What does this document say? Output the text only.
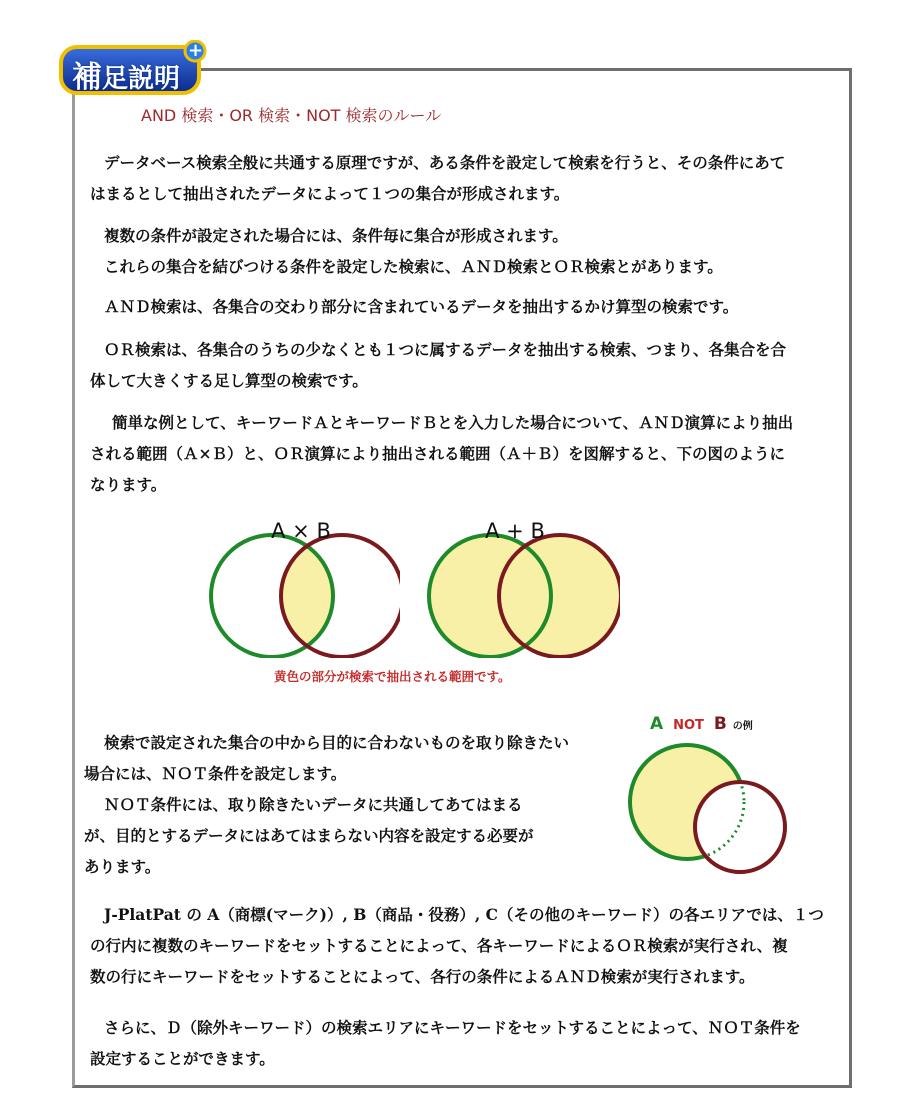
補足説明
+
AND 検索・OR 検索・NOT 検索のルール
データベース検索全般に共通する原理ですが、ある条件を設定して検索を行うと、その条件にあて
はまるとして抽出されたデータによって１つの集合が形成されます。
複数の条件が設定された場合には、条件毎に集合が形成されます。
これらの集合を結びつける条件を設定した検索に、ＡＮＤ検索とＯＲ検索とがあります。
ＡＮＤ検索は、各集合の交わり部分に含まれているデータを抽出するかけ算型の検索です。
ＯＲ検索は、各集合のうちの少なくとも１つに属するデータを抽出する検索、つまり、各集合を合
体して大きくする足し算型の検索です。
簡単な例として、キーワードＡとキーワードＢとを入力した場合について、ＡＮＤ演算により抽出
される範囲（Ａ×Ｂ）と、ＯＲ演算により抽出される範囲（Ａ＋Ｂ）を図解すると、下の図のように
なります。
A × B	A + B
黄色の部分が検索で抽出される範囲です。
検索で設定された集合の中から目的に合わないものを取り除きたい
場合には、ＮＯＴ条件を設定します。
ＮＯＴ条件には、取り除きたいデータに共通してあてはまる
が、目的とするデータにはあてはまらない内容を設定する必要が
あります。
A NOT B の例
J-PlatPat の A（商標(マーク)）, B（商品・役務）, C（その他のキーワード）の各エリアでは、１つ
の行内に複数のキーワードをセットすることによって、各キーワードによるＯＲ検索が実行され、複
数の行にキーワードをセットすることによって、各行の条件によるＡＮＤ検索が実行されます。
さらに、Ｄ（除外キーワード）の検索エリアにキーワードをセットすることによって、ＮＯＴ条件を
設定することができます。
